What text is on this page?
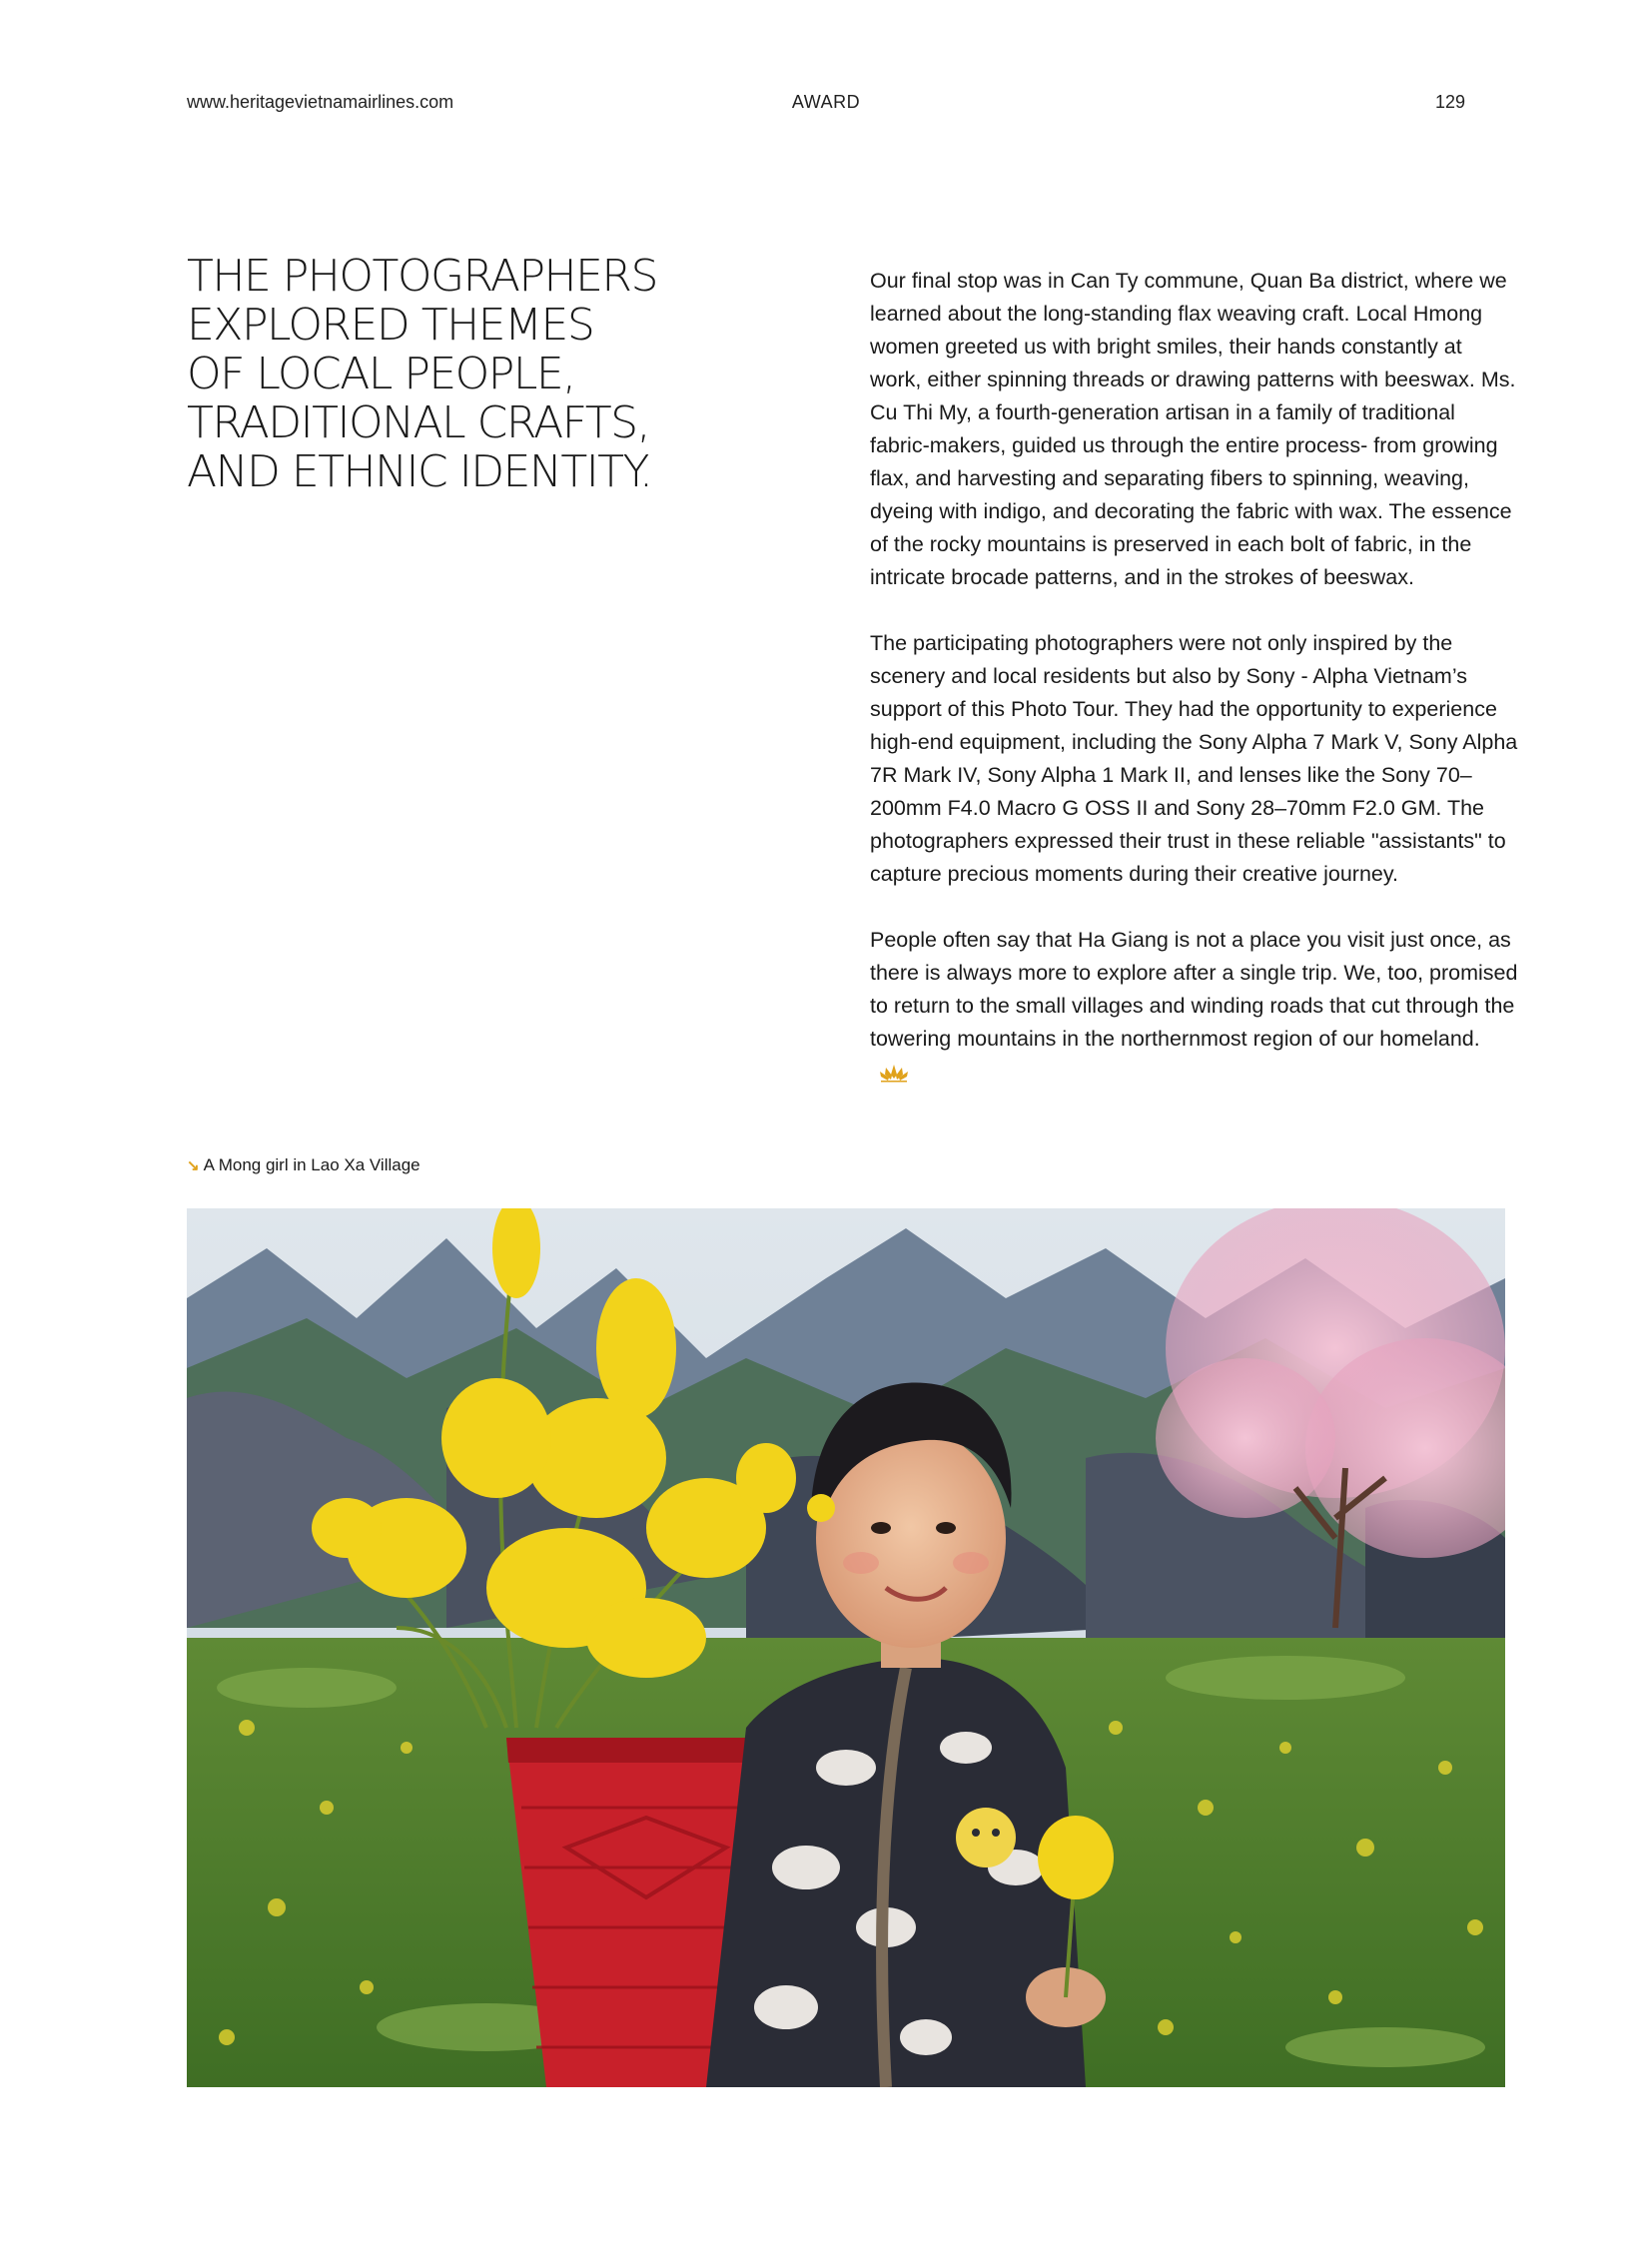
www.heritagevietnamairlines.com	AWARD	129
THE PHOTOGRAPHERS
EXPLORED THEMES
OF LOCAL PEOPLE,
TRADITIONAL CRAFTS,
AND ETHNIC IDENTITY.

Our final stop was in Can Ty commune, Quan Ba district, where we learned about the long-standing flax weaving craft. Local Hmong women greeted us with bright smiles, their hands constantly at work, either spinning threads or drawing patterns with beeswax. Ms. Cu Thi My, a fourth-generation artisan in a family of traditional fabric-makers, guided us through the entire process- from growing flax, and harvesting and separating fibers to spinning, weaving, dyeing with indigo, and decorating the fabric with wax. The essence of the rocky mountains is preserved in each bolt of fabric, in the intricate brocade patterns, and in the strokes of beeswax.

The participating photographers were not only inspired by the scenery and local residents but also by Sony - Alpha Vietnam’s support of this Photo Tour. They had the opportunity to experience high-end equipment, including the Sony Alpha 7 Mark V, Sony Alpha 7R Mark IV, Sony Alpha 1 Mark II, and lenses like the Sony 70–200mm F4.0 Macro G OSS II and Sony 28–70mm F2.0 GM. The photographers expressed their trust in these reliable "assistants" to capture precious moments during their creative journey.

People often say that Ha Giang is not a place you visit just once, as there is always more to explore after a single trip. We, too, promised to return to the small villages and winding roads that cut through the towering mountains in the northernmost region of our homeland.

↘ A Mong girl in Lao Xa Village
